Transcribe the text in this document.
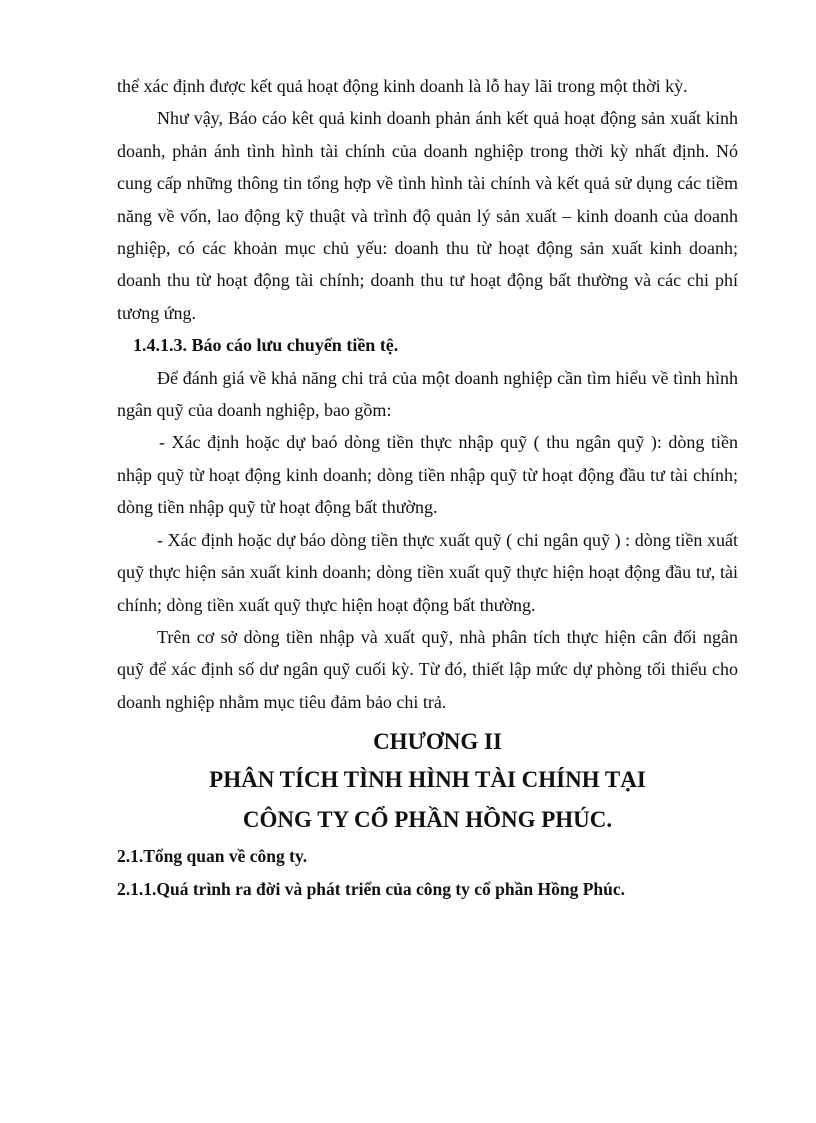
thể xác định được kết quả hoạt động kinh doanh là lỗ hay lãi trong một thời kỳ.

Như vậy, Báo cáo kêt quả kinh doanh phản ánh kết quả hoạt động sản xuất kinh doanh, phản ánh tình hình tài chính của doanh nghiệp trong thời kỳ nhất định. Nó cung cấp những thông tin tổng hợp về tình hình tài chính và kết quả sử dụng các tiềm năng về vốn, lao động kỹ thuật và trình độ quản lý sản xuất – kinh doanh của doanh nghiệp, có các khoản mục chủ yếu: doanh thu từ hoạt động sản xuất kinh doanh; doanh thu từ hoạt động tài chính; doanh thu tư hoạt động bất thường và các chi phí tương ứng.

1.4.1.3. Báo cáo lưu chuyển tiền tệ.

Để đánh giá về khả năng chi trả của một doanh nghiệp cần tìm hiểu về tình hình ngân quỹ của doanh nghiệp, bao gồm:

- Xác định hoặc dự baó dòng tiền thực nhập quỹ ( thu ngân quỹ ): dòng tiền nhập quỹ từ hoạt động kinh doanh; dòng tiền nhập quỹ từ hoạt động đầu tư tài chính; dòng tiền nhập quỹ từ hoạt động bất thường.

- Xác định hoặc dự báo dòng tiền thực xuất quỹ ( chi ngân quỹ ) : dòng tiền xuất quỹ thực hiện sản xuất kinh doanh; dòng tiền xuất quỹ thực hiện hoạt động đầu tư, tài chính; dòng tiền xuất quỹ thực hiện hoạt động bất thường.

Trên cơ sở dòng tiền nhập và xuất quỹ, nhà phân tích thực hiện cân đối ngân quỹ để xác định số dư ngân quỹ cuối kỳ. Từ đó, thiết lập mức dự phòng tối thiểu cho doanh nghiệp nhằm mục tiêu đảm bảo chi trả.

CHƯƠNG II

PHÂN TÍCH TÌNH HÌNH TÀI CHÍNH TẠI

CÔNG TY CỔ PHẦN HỒNG PHÚC.

2.1.Tổng quan về công ty.

2.1.1.Quá trình ra đời và phát triển của công ty cổ phần Hồng Phúc.
